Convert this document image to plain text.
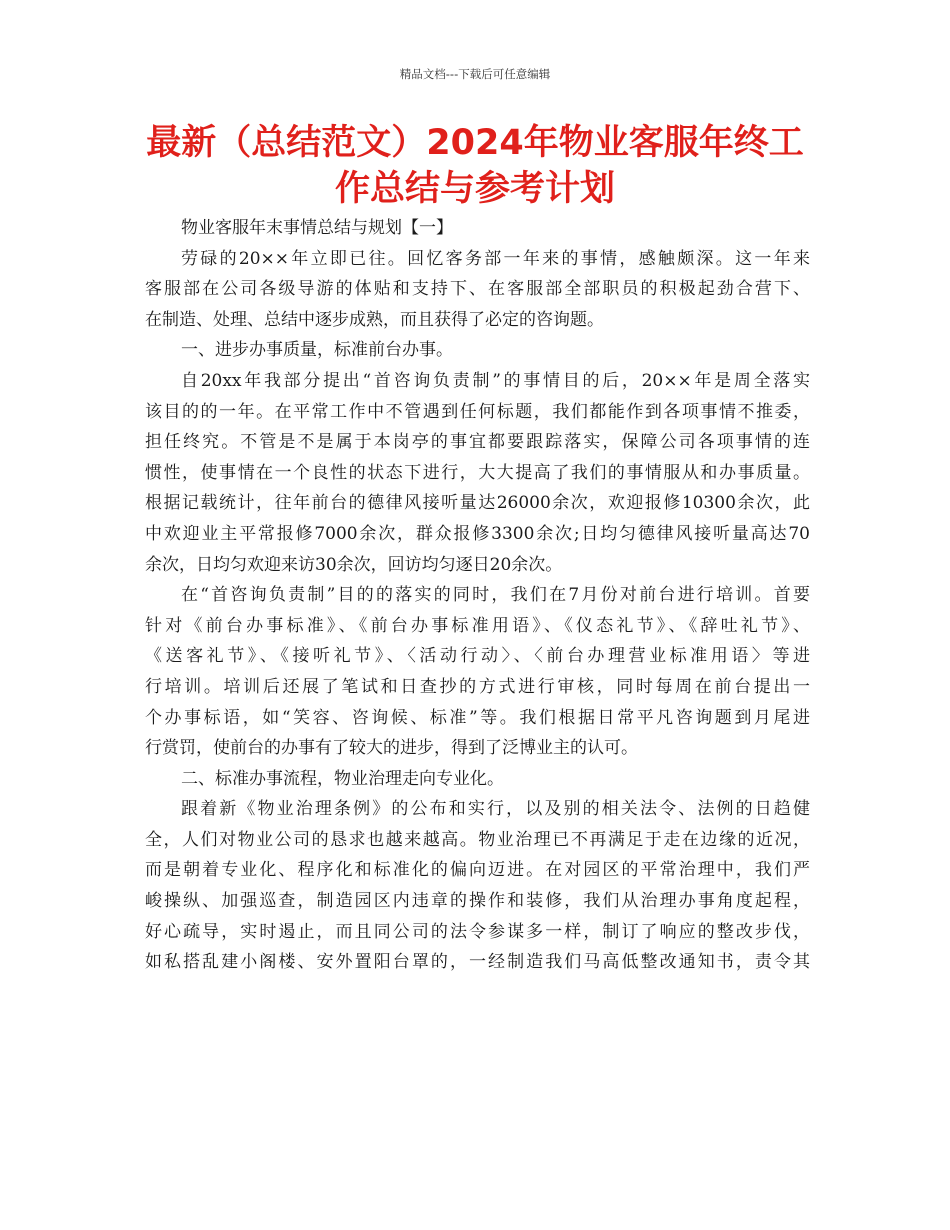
精品文档---下载后可任意编辑
最新（总结范文）2024年物业客服年终工
作总结与参考计划

物业客服年末事情总结与规划【一】

劳碌的20××年立即已往。回忆客务部一年来的事情，感触颇深。这一年来
客服部在公司各级导游的体贴和支持下、在客服部全部职员的积极起劲合营下、
在制造、处理、总结中逐步成熟，而且获得了必定的咨询题。

一、进步办事质量，标准前台办事。

自20xx年我部分提出“首咨询负责制”的事情目的后，20××年是周全落实
该目的的一年。在平常工作中不管遇到任何标题，我们都能作到各项事情不推委，
担任终究。不管是不是属于本岗亭的事宜都要跟踪落实，保障公司各项事情的连
惯性，使事情在一个良性的状态下进行，大大提高了我们的事情服从和办事质量。
根据记载统计，往年前台的德律风接听量达26000余次，欢迎报修10300余次，此
中欢迎业主平常报修7000余次，群众报修3300余次;日均匀德律风接听量高达70
余次，日均匀欢迎来访30余次，回访均匀逐日20余次。

在“首咨询负责制”目的的落实的同时，我们在7月份对前台进行培训。首要
针对《前台办事标准》、《前台办事标准用语》、《仪态礼节》、《辞吐礼节》、
《送客礼节》、《接听礼节》、〈活动行动〉、〈前台办理营业标准用语〉等进
行培训。培训后还展了笔试和日查抄的方式进行审核，同时每周在前台提出一
个办事标语，如“笑容、咨询候、标准”等。我们根据日常平凡咨询题到月尾进
行赏罚，使前台的办事有了较大的进步，得到了泛博业主的认可。

二、标准办事流程，物业治理走向专业化。

跟着新《物业治理条例》的公布和实行，以及别的相关法令、法例的日趋健
全，人们对物业公司的恳求也越来越高。物业治理已不再满足于走在边缘的近况，
而是朝着专业化、程序化和标准化的偏向迈进。在对园区的平常治理中，我们严
峻操纵、加强巡查，制造园区内违章的操作和装修，我们从治理办事角度起程，
好心疏导，实时遏止，而且同公司的法令参谋多一样，制订了响应的整改步伐，
如私搭乱建小阁楼、安外置阳台罩的，一经制造我们马高低整改通知书，责令其
